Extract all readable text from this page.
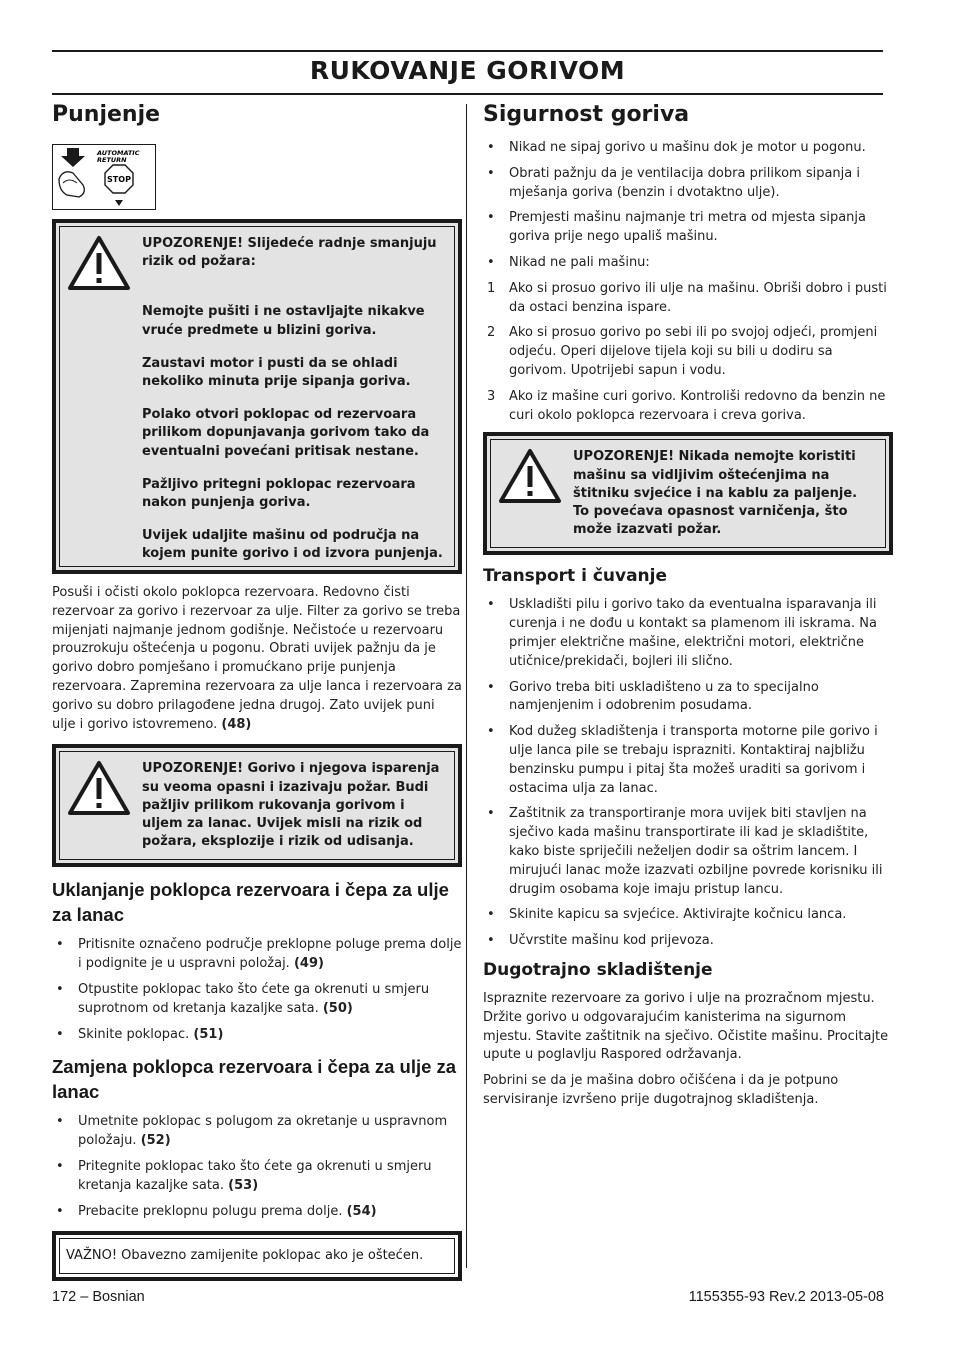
RUKOVANJE GORIVOM
Punjenje
AUTOMATIC
RETURN
STOP

UPOZORENJE! Slijedeće radnje smanjuju rizik od požara:

Nemojte pušiti i ne ostavljajte nikakve vruće predmete u blizini goriva.

Zaustavi motor i pusti da se ohladi nekoliko minuta prije sipanja goriva.

Polako otvori poklopac od rezervoara prilikom dopunjavanja gorivom tako da eventualni povećani pritisak nestane.

Pažljivo pritegni poklopac rezervoara nakon punjenja goriva.

Uvijek udaljite mašinu od područja na kojem punite gorivo i od izvora punjenja.

Posuši i očisti okolo poklopca rezervoara. Redovno čisti rezervoar za gorivo i rezervoar za ulje. Filter za gorivo se treba mijenjati najmanje jednom godišnje. Nečistoće u rezervoaru prouzrokuju oštećenja u pogonu. Obrati uvijek pažnju da je gorivo dobro pomješano i promućkano prije punjenja rezervoara. Zapremina rezervoara za ulje lanca i rezervoara za gorivo su dobro prilagođene jedna drugoj. Zato uvijek puni ulje i gorivo istovremeno. (48)

UPOZORENJE! Gorivo i njegova isparenja su veoma opasni i izazivaju požar. Budi pažljiv prilikom rukovanja gorivom i uljem za lanac. Uvijek misli na rizik od požara, eksplozije i rizik od udisanja.

Uklanjanje poklopca rezervoara i čepa za ulje za lanac
• Pritisnite označeno područje preklopne poluge prema dolje i podignite je u uspravni položaj. (49)
• Otpustite poklopac tako što ćete ga okrenuti u smjeru suprotnom od kretanja kazaljke sata. (50)
• Skinite poklopac. (51)
Zamjena poklopca rezervoara i čepa za ulje za lanac
• Umetnite poklopac s polugom za okretanje u uspravnom položaju. (52)
• Pritegnite poklopac tako što ćete ga okrenuti u smjeru kretanja kazaljke sata. (53)
• Prebacite preklopnu polugu prema dolje. (54)
VAŽNO! Obavezno zamijenite poklopac ako je oštećen.
Sigurnost goriva
• Nikad ne sipaj gorivo u mašinu dok je motor u pogonu.
• Obrati pažnju da je ventilacija dobra prilikom sipanja i mješanja goriva (benzin i dvotaktno ulje).
• Premjesti mašinu najmanje tri metra od mjesta sipanja goriva prije nego upališ mašinu.
• Nikad ne pali mašinu:
1 Ako si prosuo gorivo ili ulje na mašinu. Obriši dobro i pusti da ostaci benzina ispare.
2 Ako si prosuo gorivo po sebi ili po svojoj odjeći, promjeni odjeću. Operi dijelove tijela koji su bili u dodiru sa gorivom. Upotrijebi sapun i vodu.
3 Ako iz mašine curi gorivo. Kontroliši redovno da benzin ne curi okolo poklopca rezervoara i creva goriva.

UPOZORENJE! Nikada nemojte koristiti mašinu sa vidljivim oštećenjima na štitniku svjećice i na kablu za paljenje. To povećava opasnost varničenja, što može izazvati požar.

Transport i čuvanje
• Uskladišti pilu i gorivo tako da eventualna isparavanja ili curenja i ne dođu u kontakt sa plamenom ili iskrama. Na primjer električne mašine, električni motori, električne utičnice/prekidači, bojleri ili slično.
• Gorivo treba biti uskladišteno u za to specijalno namjenjenim i odobrenim posudama.
• Kod dužeg skladištenja i transporta motorne pile gorivo i ulje lanca pile se trebaju isprazniti. Kontaktiraj najbližu benzinsku pumpu i pitaj šta možeš uraditi sa gorivom i ostacima ulja za lanac.
• Zaštitnik za transportiranje mora uvijek biti stavljen na sječivo kada mašinu transportirate ili kad je skladištite, kako biste spriječili neželjen dodir sa oštrim lancem. I mirujući lanac može izazvati ozbiljne povrede korisniku ili drugim osobama koje imaju pristup lancu.
• Skinite kapicu sa svjećice. Aktivirajte kočnicu lanca.
• Učvrstite mašinu kod prijevoza.
Dugotrajno skladištenje

Ispraznite rezervoare za gorivo i ulje na prozračnom mjestu. Držite gorivo u odgovarajućim kanisterima na sigurnom mjestu. Stavite zaštitnik na sječivo. Očistite mašinu. Procitajte upute u poglavlju Raspored održavanja.

Pobrini se da je mašina dobro očišćena i da je potpuno servisiranje izvršeno prije dugotrajnog skladištenja.

172 – Bosnian	1155355-93 Rev.2 2013-05-08
